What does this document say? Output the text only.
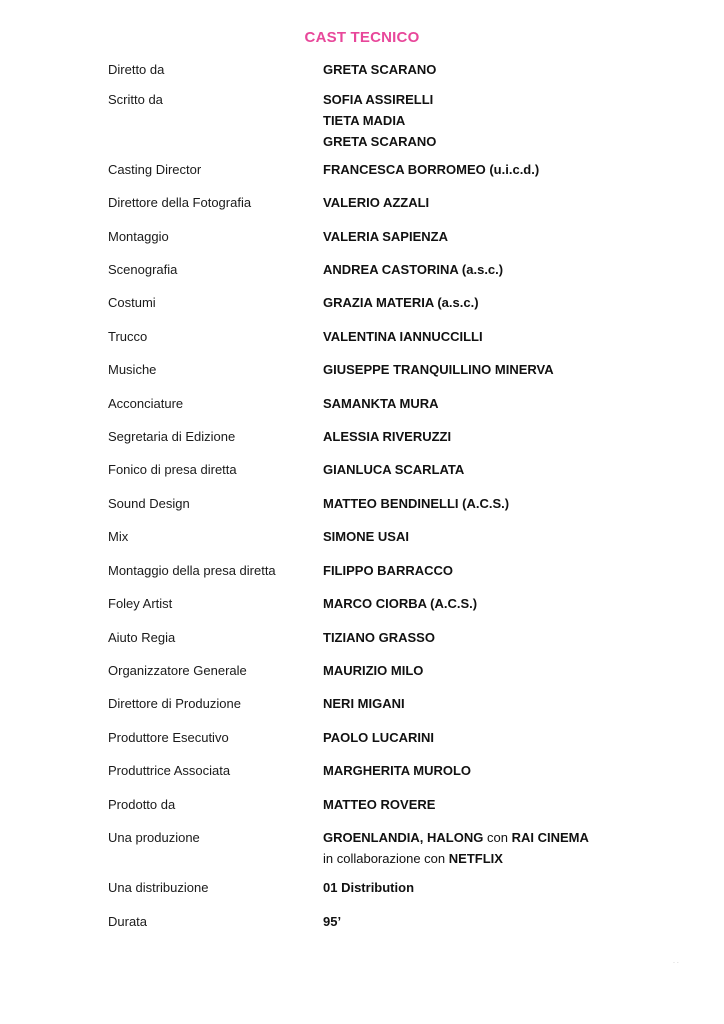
CAST TECNICO
Diretto da	GRETA SCARANO
Scritto da	SOFIA ASSIRELLI
TIETA MADIA
GRETA SCARANO
Casting Director	FRANCESCA BORROMEO (u.i.c.d.)
Direttore della Fotografia	VALERIO AZZALI
Montaggio	VALERIA SAPIENZA
Scenografia	ANDREA CASTORINA (a.s.c.)
Costumi	GRAZIA MATERIA (a.s.c.)
Trucco	VALENTINA IANNUCCILLI
Musiche	GIUSEPPE TRANQUILLINO MINERVA
Acconciature	SAMANKTA MURA
Segretaria di Edizione	ALESSIA RIVERUZZI
Fonico di presa diretta	GIANLUCA SCARLATA
Sound Design	MATTEO BENDINELLI (A.C.S.)
Mix	SIMONE USAI
Montaggio della presa diretta	FILIPPO BARRACCO
Foley Artist	MARCO CIORBA (A.C.S.)
Aiuto Regia	TIZIANO GRASSO
Organizzatore Generale	MAURIZIO MILO
Direttore di Produzione	NERI MIGANI
Produttore Esecutivo	PAOLO LUCARINI
Produttrice Associata	MARGHERITA MUROLO
Prodotto da	MATTEO ROVERE
Una produzione	GROENLANDIA, HALONG con RAI CINEMA
in collaborazione con NETFLIX
Una distribuzione	01 Distribution
Durata	95’
. .
